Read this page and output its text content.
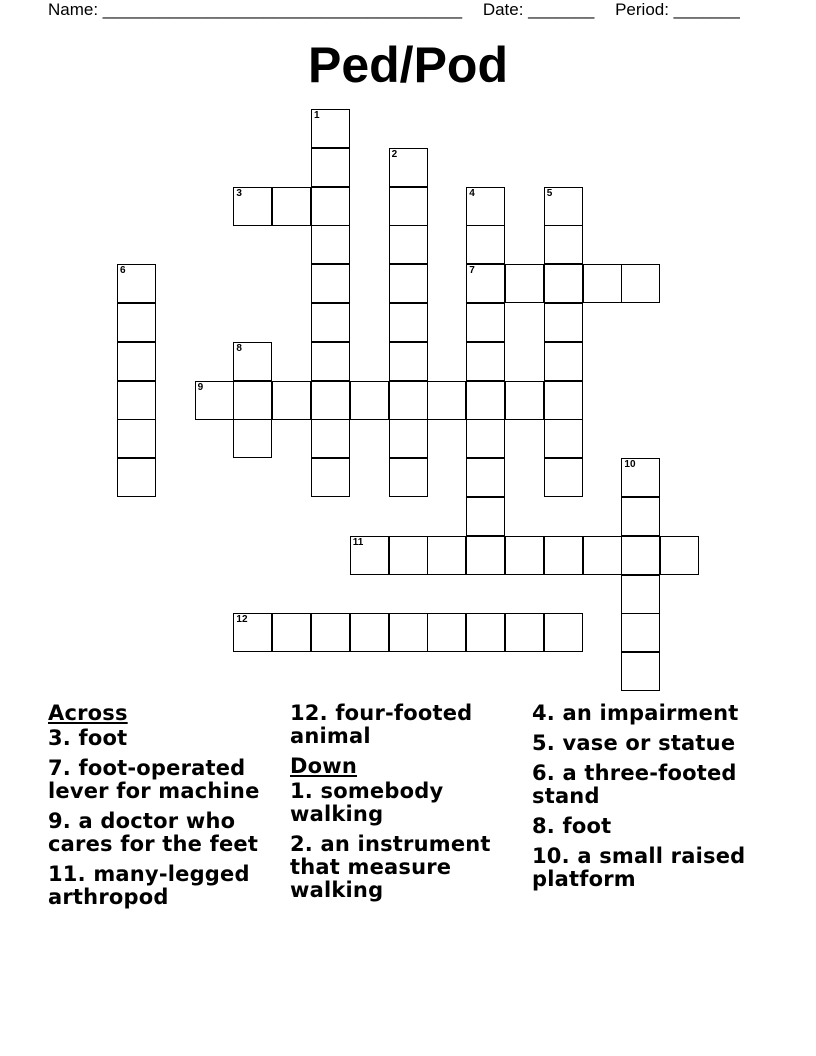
Name: ______________________________________ Date: _______ Period: _______
Ped/Pod
1
2
3	4
7
5
6
8
9
10
11
12
Across
3. foot
7. foot-operated lever for machine
9. a doctor who cares for the feet
11. many-legged arthropod
12. four-footed animal
Down
1. somebody walking
2. an instrument that measure walking
4. an impairment
5. vase or statue
6. a three-footed stand
8. foot
10. a small raised platform
